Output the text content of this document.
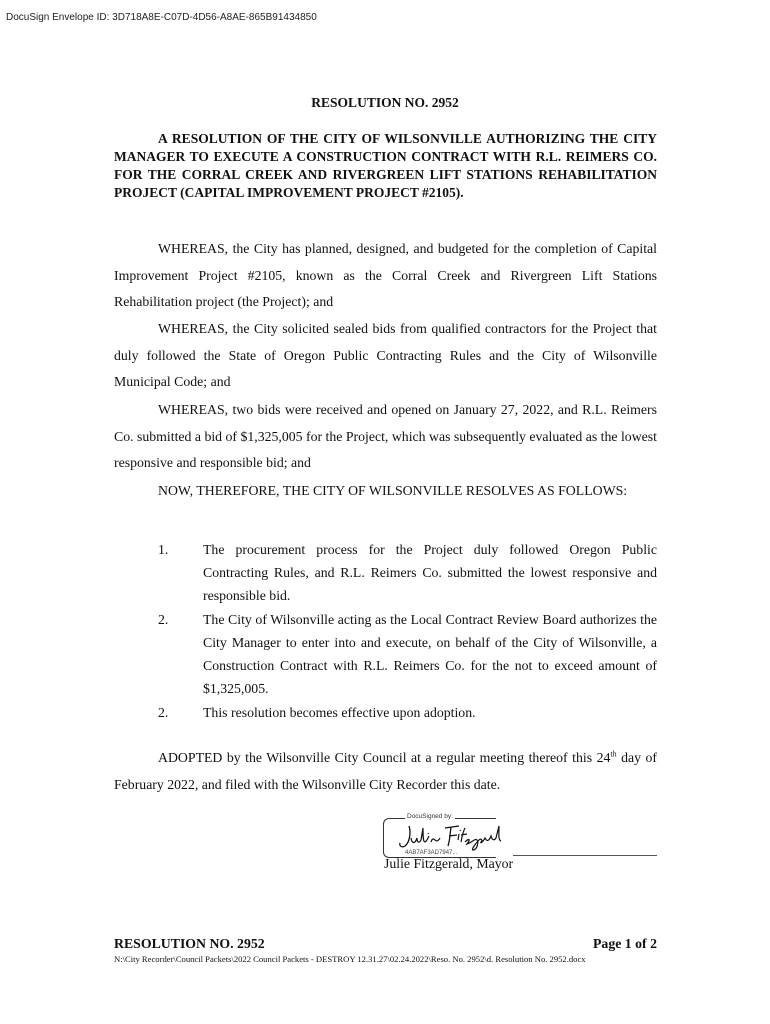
DocuSign Envelope ID: 3D718A8E-C07D-4D56-A8AE-865B91434850
RESOLUTION NO. 2952
A RESOLUTION OF THE CITY OF WILSONVILLE AUTHORIZING THE CITY MANAGER TO EXECUTE A CONSTRUCTION CONTRACT WITH R.L. REIMERS CO. FOR THE CORRAL CREEK AND RIVERGREEN LIFT STATIONS REHABILITATION PROJECT (CAPITAL IMPROVEMENT PROJECT #2105).
WHEREAS, the City has planned, designed, and budgeted for the completion of Capital Improvement Project #2105, known as the Corral Creek and Rivergreen Lift Stations Rehabilitation project (the Project); and
WHEREAS, the City solicited sealed bids from qualified contractors for the Project that duly followed the State of Oregon Public Contracting Rules and the City of Wilsonville Municipal Code; and
WHEREAS, two bids were received and opened on January 27, 2022, and R.L. Reimers Co. submitted a bid of $1,325,005 for the Project, which was subsequently evaluated as the lowest responsive and responsible bid; and
NOW, THEREFORE, THE CITY OF WILSONVILLE RESOLVES AS FOLLOWS:
1.	The procurement process for the Project duly followed Oregon Public Contracting Rules, and R.L. Reimers Co. submitted the lowest responsive and responsible bid.
2.	The City of Wilsonville acting as the Local Contract Review Board authorizes the City Manager to enter into and execute, on behalf of the City of Wilsonville, a Construction Contract with R.L. Reimers Co. for the not to exceed amount of $1,325,005.
2.	This resolution becomes effective upon adoption.
ADOPTED by the Wilsonville City Council at a regular meeting thereof this 24th day of February 2022, and filed with the Wilsonville City Recorder this date.
DocuSigned by:
4AB7AF3AD7947...
Julie Fitzgerald, Mayor
RESOLUTION NO. 2952	Page 1 of 2
N:\City Recorder\Council Packets\2022 Council Packets - DESTROY 12.31.27\02.24.2022\Reso. No. 2952\d. Resolution No. 2952.docx
